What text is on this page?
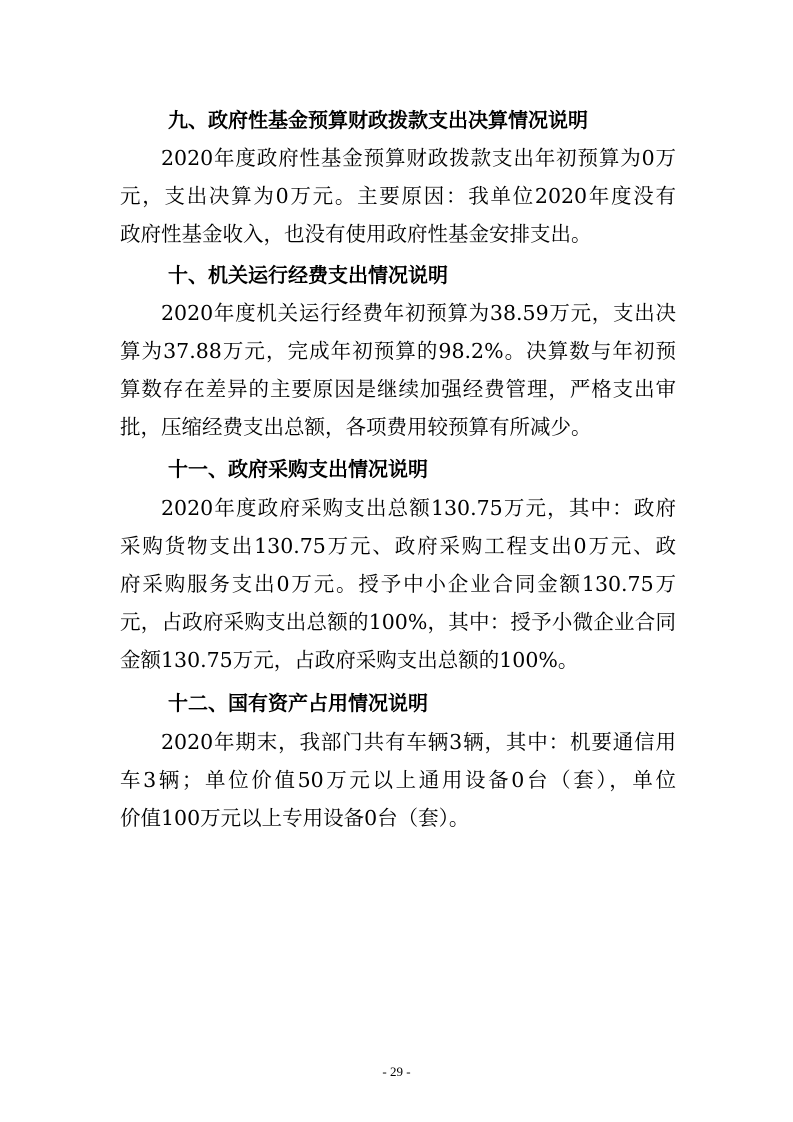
九、政府性基金预算财政拨款支出决算情况说明
2020年度政府性基金预算财政拨款支出年初预算为0万
元，支出决算为0万元。主要原因：我单位2020年度没有
政府性基金收入，也没有使用政府性基金安排支出。
十、机关运行经费支出情况说明
2020年度机关运行经费年初预算为38.59万元，支出决
算为37.88万元，完成年初预算的98.2%。决算数与年初预
算数存在差异的主要原因是继续加强经费管理，严格支出审
批，压缩经费支出总额，各项费用较预算有所减少。
十一、政府采购支出情况说明
2020年度政府采购支出总额130.75万元，其中：政府
采购货物支出130.75万元、政府采购工程支出0万元、政
府采购服务支出0万元。授予中小企业合同金额130.75万
元，占政府采购支出总额的100%，其中：授予小微企业合同
金额130.75万元，占政府采购支出总额的100%。
十二、国有资产占用情况说明
2020年期末，我部门共有车辆3辆，其中：机要通信用
车3辆；单位价值50万元以上通用设备0台（套），单位
价值100万元以上专用设备0台（套）。
- 29 -
